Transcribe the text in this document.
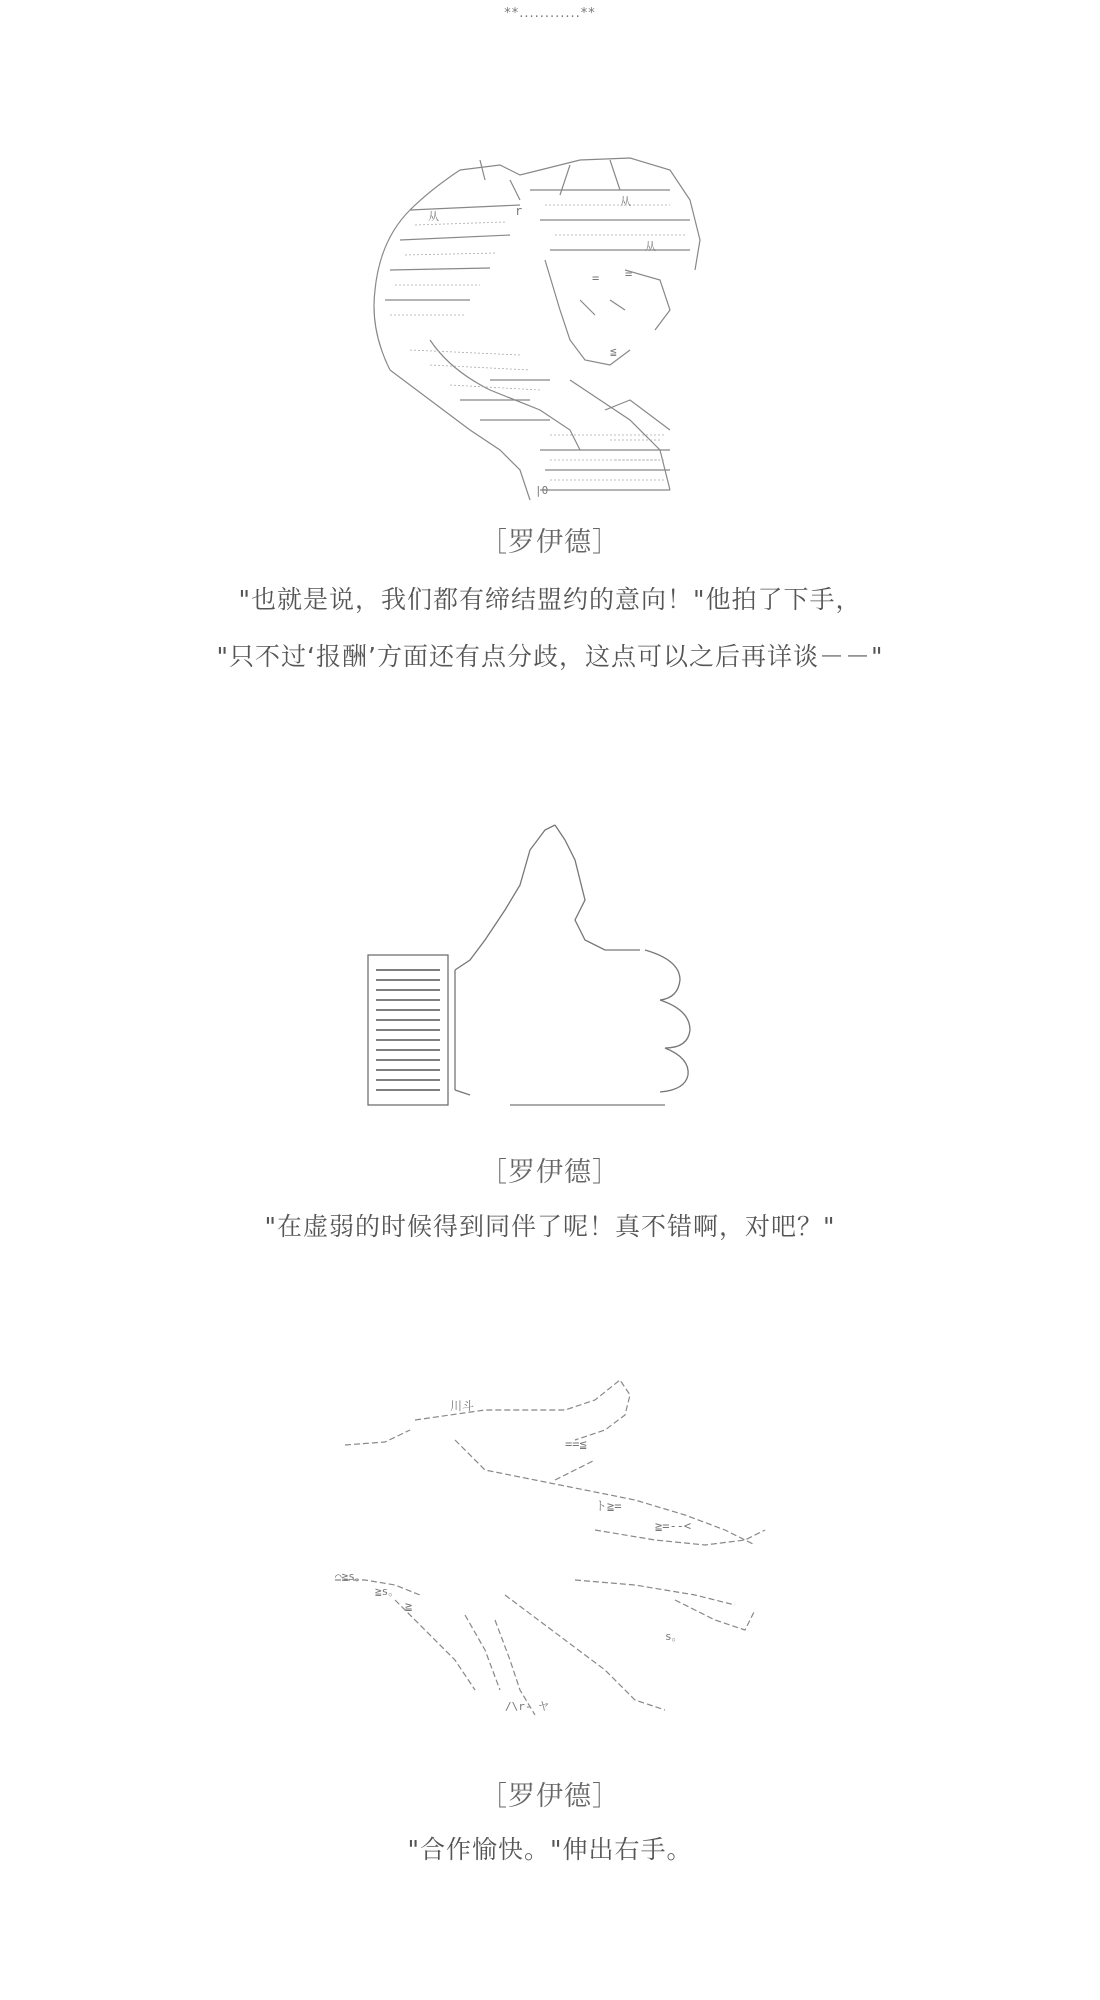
**............**
r
从
从
= =
从
≦
|0
［罗伊德］
"也就是说，我们都有缔结盟约的意向！"他拍了下手，
"只不过‘报酬’方面还有点分歧，这点可以之后再详谈－－"
［罗伊德］
"在虚弱的时候得到同伴了呢！真不错啊，对吧？"
川斗
==≦
ト≧=
≧=--<
⌒≧s。
≧s。
≧
s。
/\r- ヤ
［罗伊德］
"合作愉快。"伸出右手。
